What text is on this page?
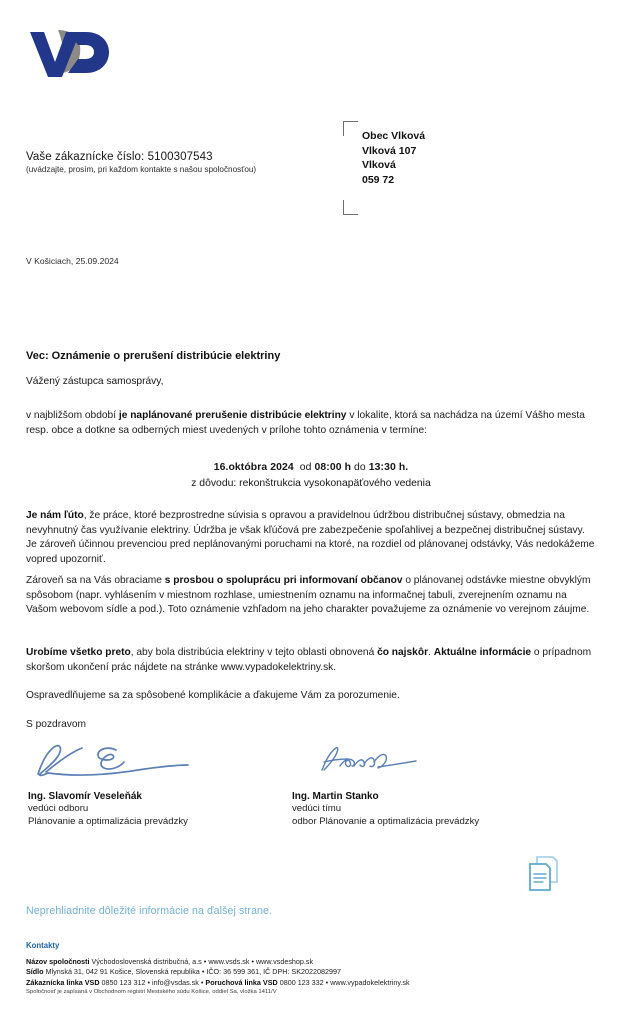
Vaše zákaznícke číslo: 5100307543
(uvádzajte, prosím, pri každom kontakte s našou spoločnosťou)
Obec Vlková
Vlková 107
Vlková
059 72
V Košiciach, 25.09.2024
Vec: Oznámenie o prerušení distribúcie elektriny
Vážený zástupca samosprávy,
v najbližšom období je naplánované prerušenie distribúcie elektriny v lokalite, ktorá sa nachádza na území Vášho mesta resp. obce a dotkne sa odberných miest uvedených v prílohe tohto oznámenia v termíne:
16.októbra 2024 od 08:00 h do 13:30 h.
z dôvodu: rekonštrukcia vysokonapäťového vedenia
Je nám ľúto, že práce, ktoré bezprostredne súvisia s opravou a pravidelnou údržbou distribučnej sústavy, obmedzia na nevyhnutný čas využívanie elektriny. Údržba je však kľúčová pre zabezpečenie spoľahlivej a bezpečnej distribučnej sústavy. Je zároveň účinnou prevenciou pred neplánovanými poruchami na ktoré, na rozdiel od plánovanej odstávky, Vás nedokážeme vopred upozorniť.
Zároveň sa na Vás obraciame s prosbou o spoluprácu pri informovaní občanov o plánovanej odstávke miestne obvyklým spôsobom (napr. vyhlásením v miestnom rozhlase, umiestnením oznamu na informačnej tabuli, zverejnením oznamu na Vašom webovom sídle a pod.). Toto oznámenie vzhľadom na jeho charakter považujeme za oznámenie vo verejnom záujme.
Urobíme všetko preto, aby bola distribúcia elektriny v tejto oblasti obnovená čo najskôr. Aktuálne informácie o prípadnom skoršom ukončení prác nájdete na stránke www.vypadokelektriny.sk.
Ospravedlňujeme sa za spôsobené komplikácie a ďakujeme Vám za porozumenie.
S pozdravom
Ing. Slavomír Veseleňák
vedúci odboru
Plánovanie a optimalizácia prevádzky
Ing. Martin Stanko
vedúci tímu
odbor Plánovanie a optimalizácia prevádzky
Neprehliadnite dôležité informácie na ďalšej strane.
Kontakty
Názov spoločnosti Východoslovenská distribučná, a.s • www.vsds.sk • www.vsdeshop.sk
Sídlo Mlynská 31, 042 91 Košice, Slovenská republika • IČO: 36 599 361, IČ DPH: SK2022082997
Zákaznícka linka VSD 0850 123 312 • info@vsdas.sk • Poruchová linka VSD 0800 123 332 • www.vypadokelektriny.sk
Spoločnosť je zapísaná v Obchodnom registri Mestského súdu Košice, oddiel Sa, vložka 1411/V
